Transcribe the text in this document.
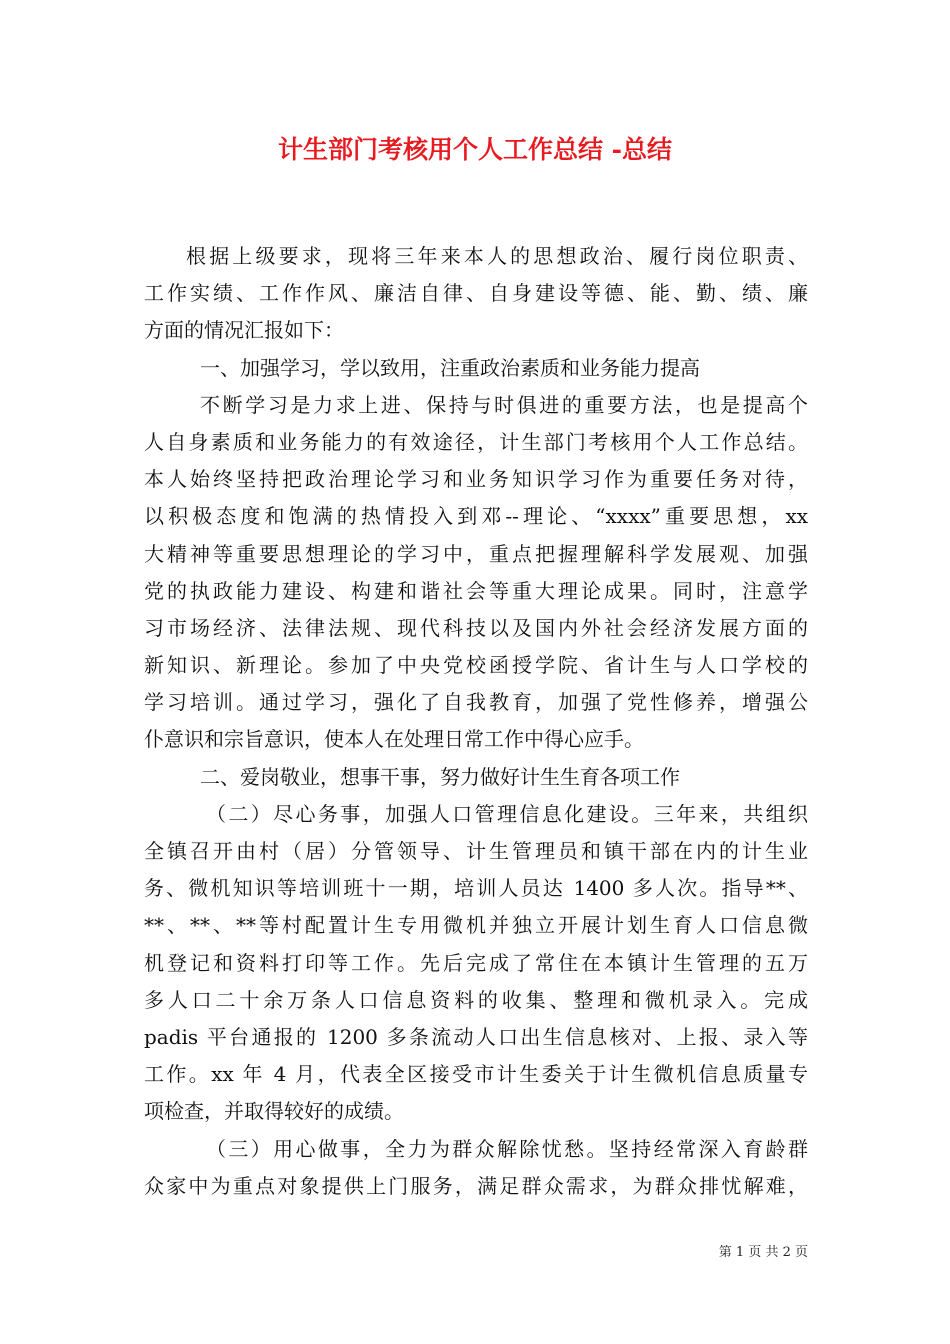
计生部门考核用个人工作总结 -总结
根据上级要求，现将三年来本人的思想政治、履行岗位职责、
工作实绩、工作作风、廉洁自律、自身建设等德、能、勤、绩、廉
方面的情况汇报如下：
一、加强学习，学以致用，注重政治素质和业务能力提高
不断学习是力求上进、保持与时俱进的重要方法，也是提高个
人自身素质和业务能力的有效途径，计生部门考核用个人工作总结。
本人始终坚持把政治理论学习和业务知识学习作为重要任务对待，
以积极态度和饱满的热情投入到邓--理论、“xxxx”重要思想，xx
大精神等重要思想理论的学习中，重点把握理解科学发展观、加强
党的执政能力建设、构建和谐社会等重大理论成果。同时，注意学
习市场经济、法律法规、现代科技以及国内外社会经济发展方面的
新知识、新理论。参加了中央党校函授学院、省计生与人口学校的
学习培训。通过学习，强化了自我教育，加强了党性修养，增强公
仆意识和宗旨意识，使本人在处理日常工作中得心应手。
二、爱岗敬业，想事干事，努力做好计生生育各项工作
（二）尽心务事，加强人口管理信息化建设。三年来，共组织
全镇召开由村（居）分管领导、计生管理员和镇干部在内的计生业
务、微机知识等培训班十一期，培训人员达 1400 多人次。指导**、
**、**、**等村配置计生专用微机并独立开展计划生育人口信息微
机登记和资料打印等工作。先后完成了常住在本镇计生管理的五万
多人口二十余万条人口信息资料的收集、整理和微机录入。完成
padis 平台通报的 1200 多条流动人口出生信息核对、上报、录入等
工作。xx 年 4 月，代表全区接受市计生委关于计生微机信息质量专
项检查，并取得较好的成绩。
（三）用心做事，全力为群众解除忧愁。坚持经常深入育龄群
众家中为重点对象提供上门服务，满足群众需求，为群众排忧解难，
第 1 页 共 2 页
